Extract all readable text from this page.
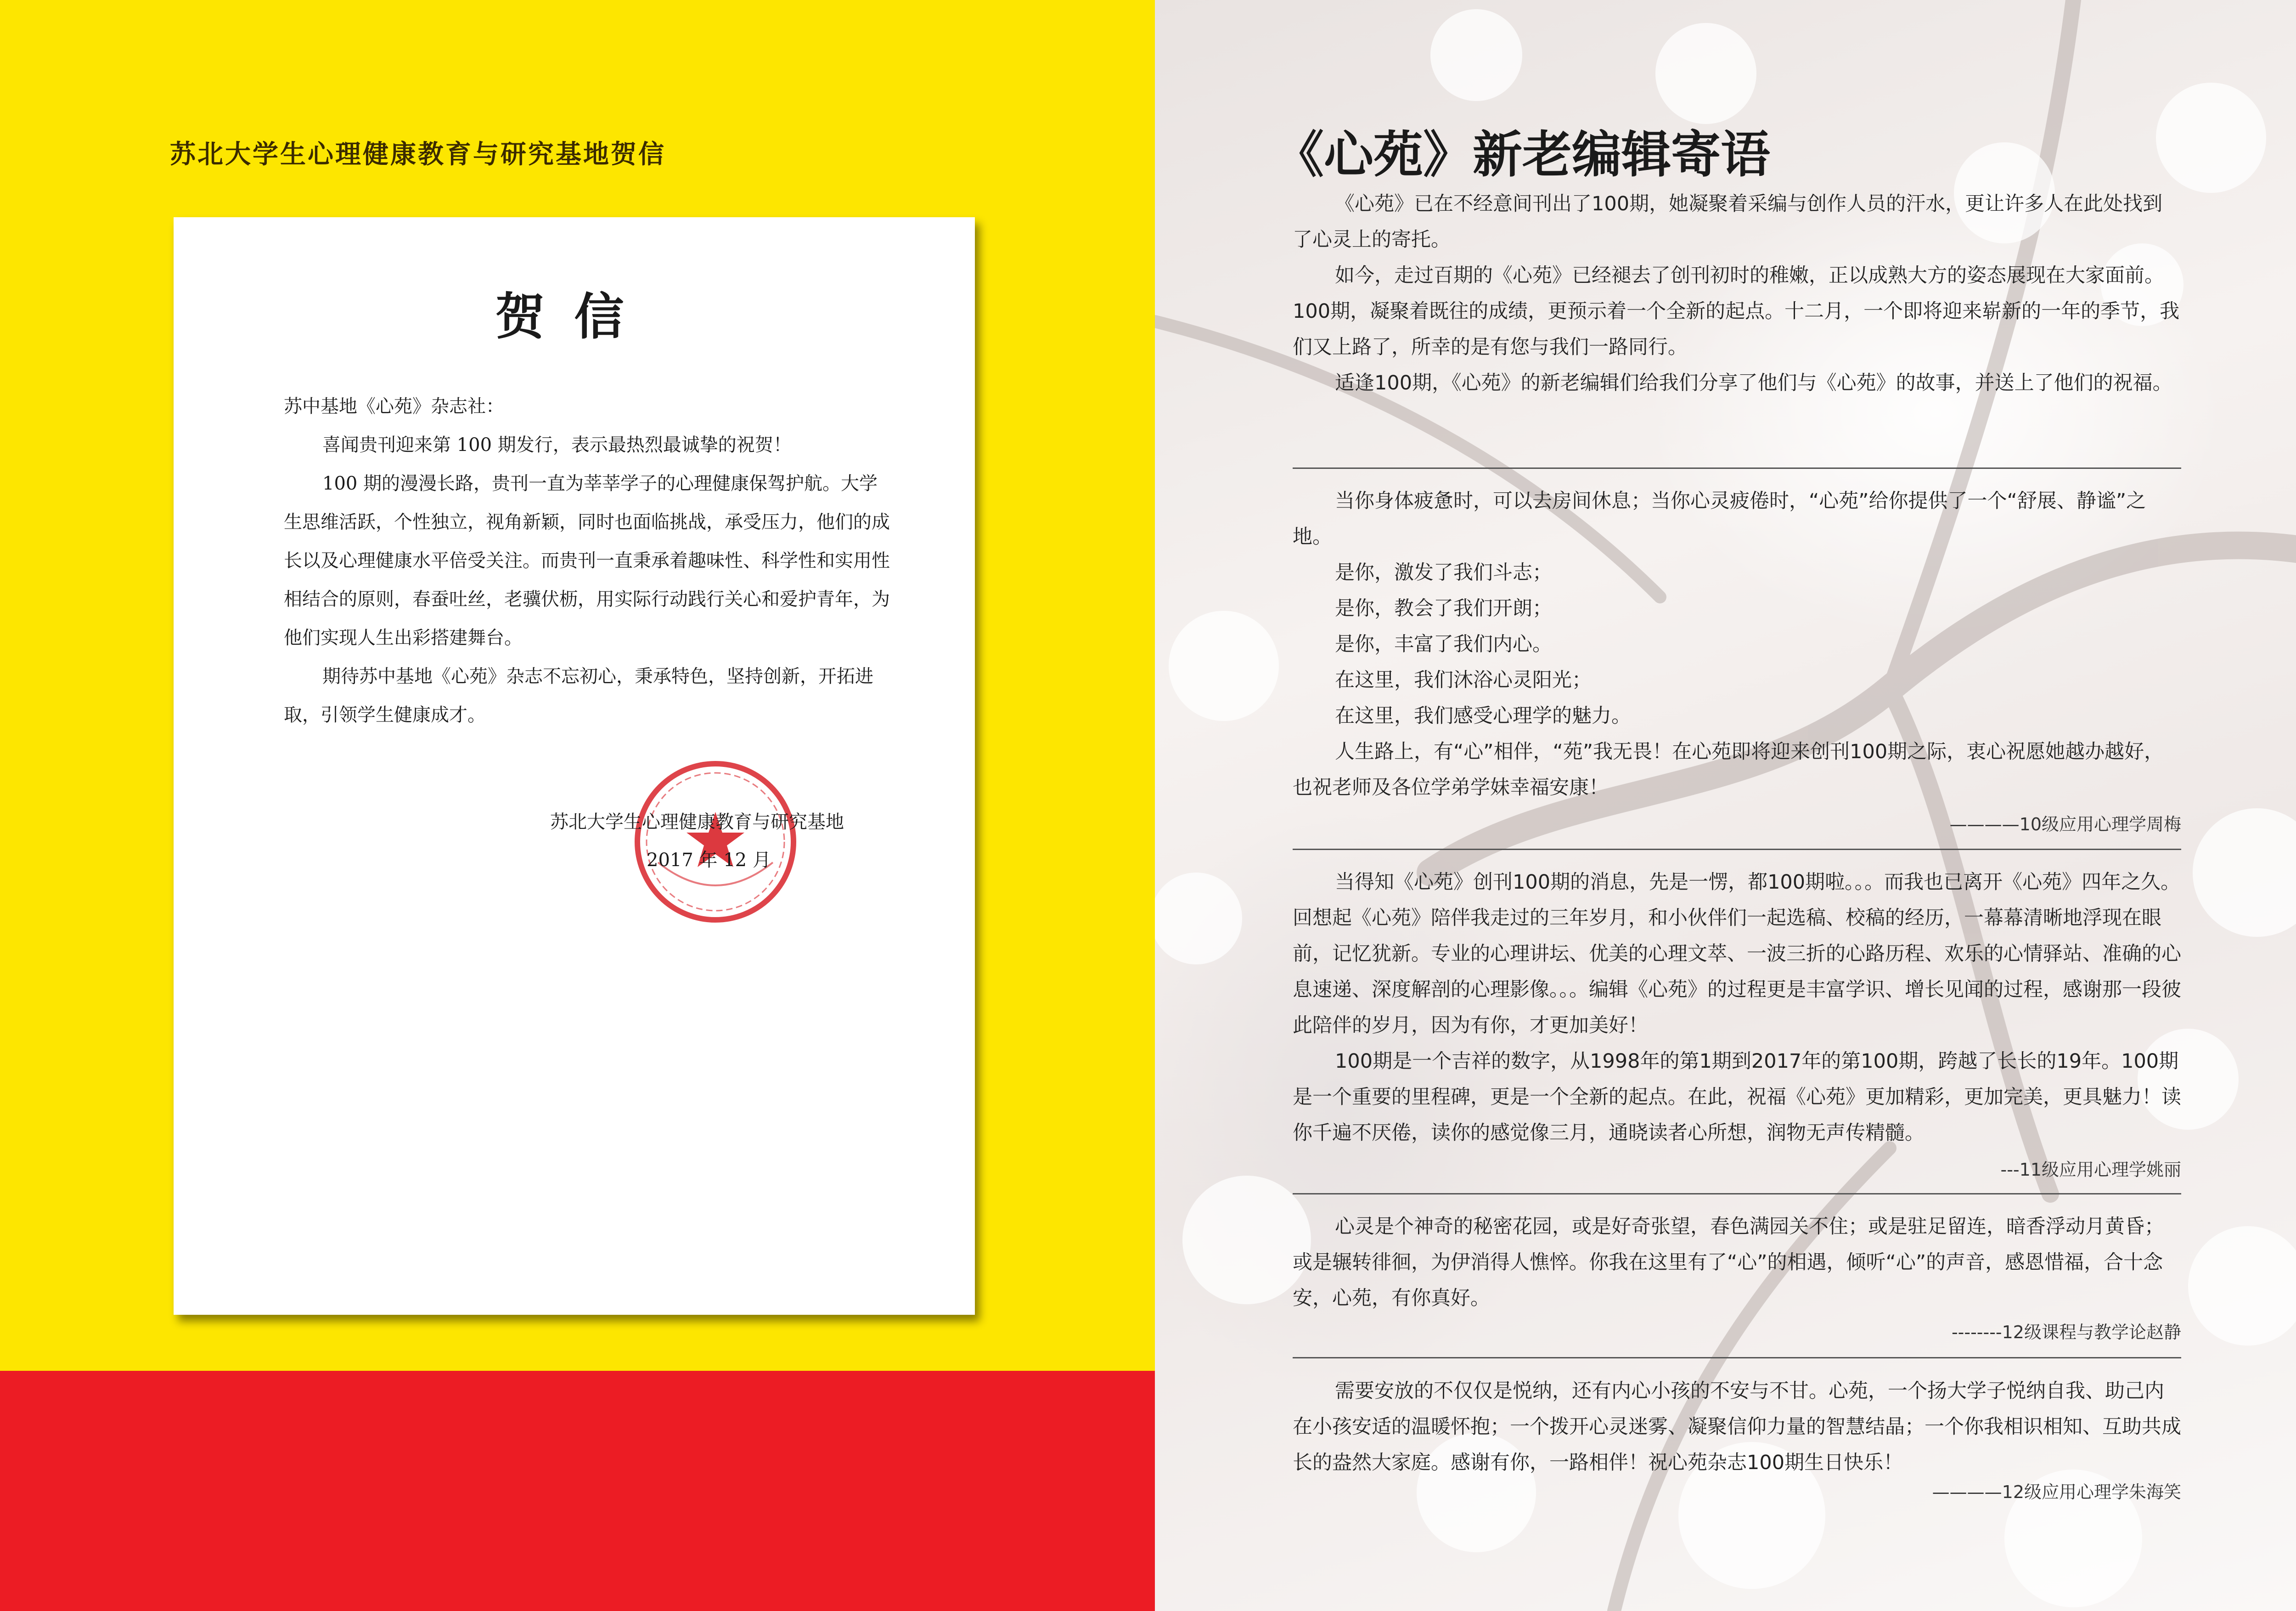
苏北大学生心理健康教育与研究基地贺信
贺信

苏中基地《心苑》杂志社：

喜闻贵刊迎来第 100 期发行，表示最热烈最诚挚的祝贺！

100 期的漫漫长路，贵刊一直为莘莘学子的心理健康保驾护航。大学生思维活跃，个性独立，视角新颖，同时也面临挑战，承受压力，他们的成长以及心理健康水平倍受关注。而贵刊一直秉承着趣味性、科学性和实用性相结合的原则，春蚕吐丝，老骥伏枥，用实际行动践行关心和爱护青年，为他们实现人生出彩搭建舞台。

期待苏中基地《心苑》杂志不忘初心，秉承特色，坚持创新，开拓进取，引领学生健康成才。

苏北大学生心理健康教育与研究基地
2017 年 12 月
《心苑》新老编辑寄语

《心苑》已在不经意间刊出了100期，她凝聚着采编与创作人员的汗水，更让许多人在此处找到了心灵上的寄托。

如今，走过百期的《心苑》已经褪去了创刊初时的稚嫩，正以成熟大方的姿态展现在大家面前。100期，凝聚着既往的成绩，更预示着一个全新的起点。十二月，一个即将迎来崭新的一年的季节，我们又上路了，所幸的是有您与我们一路同行。

适逢100期，《心苑》的新老编辑们给我们分享了他们与《心苑》的故事，并送上了他们的祝福。

当你身体疲惫时，可以去房间休息；当你心灵疲倦时，“心苑”给你提供了一个“舒展、静谧”之地。

是你，激发了我们斗志；

是你，教会了我们开朗；

是你，丰富了我们内心。

在这里，我们沐浴心灵阳光；

在这里，我们感受心理学的魅力。

人生路上，有“心”相伴，“苑”我无畏！在心苑即将迎来创刊100期之际，衷心祝愿她越办越好，也祝老师及各位学弟学妹幸福安康！

————10级应用心理学周梅

当得知《心苑》创刊100期的消息，先是一愣，都100期啦。。。而我也已离开《心苑》四年之久。回想起《心苑》陪伴我走过的三年岁月，和小伙伴们一起选稿、校稿的经历，一幕幕清晰地浮现在眼前，记忆犹新。专业的心理讲坛、优美的心理文萃、一波三折的心路历程、欢乐的心情驿站、准确的心息速递、深度解剖的心理影像。。。编辑《心苑》的过程更是丰富学识、增长见闻的过程，感谢那一段彼此陪伴的岁月，因为有你，才更加美好！

100期是一个吉祥的数字，从1998年的第1期到2017年的第100期，跨越了长长的19年。100期是一个重要的里程碑，更是一个全新的起点。在此，祝福《心苑》更加精彩，更加完美，更具魅力！读你千遍不厌倦，读你的感觉像三月，通晓读者心所想，润物无声传精髓。

---11级应用心理学姚丽

心灵是个神奇的秘密花园，或是好奇张望，春色满园关不住；或是驻足留连，暗香浮动月黄昏；或是辗转徘徊，为伊消得人憔悴。你我在这里有了“心”的相遇，倾听“心”的声音，感恩惜福，合十念安，心苑，有你真好。

--------12级课程与教学论赵静

需要安放的不仅仅是悦纳，还有内心小孩的不安与不甘。心苑，一个扬大学子悦纳自我、助己内在小孩安适的温暖怀抱；一个拨开心灵迷雾、凝聚信仰力量的智慧结晶；一个你我相识相知、互助共成长的盎然大家庭。感谢有你，一路相伴！祝心苑杂志100期生日快乐！

————12级应用心理学朱海笑
